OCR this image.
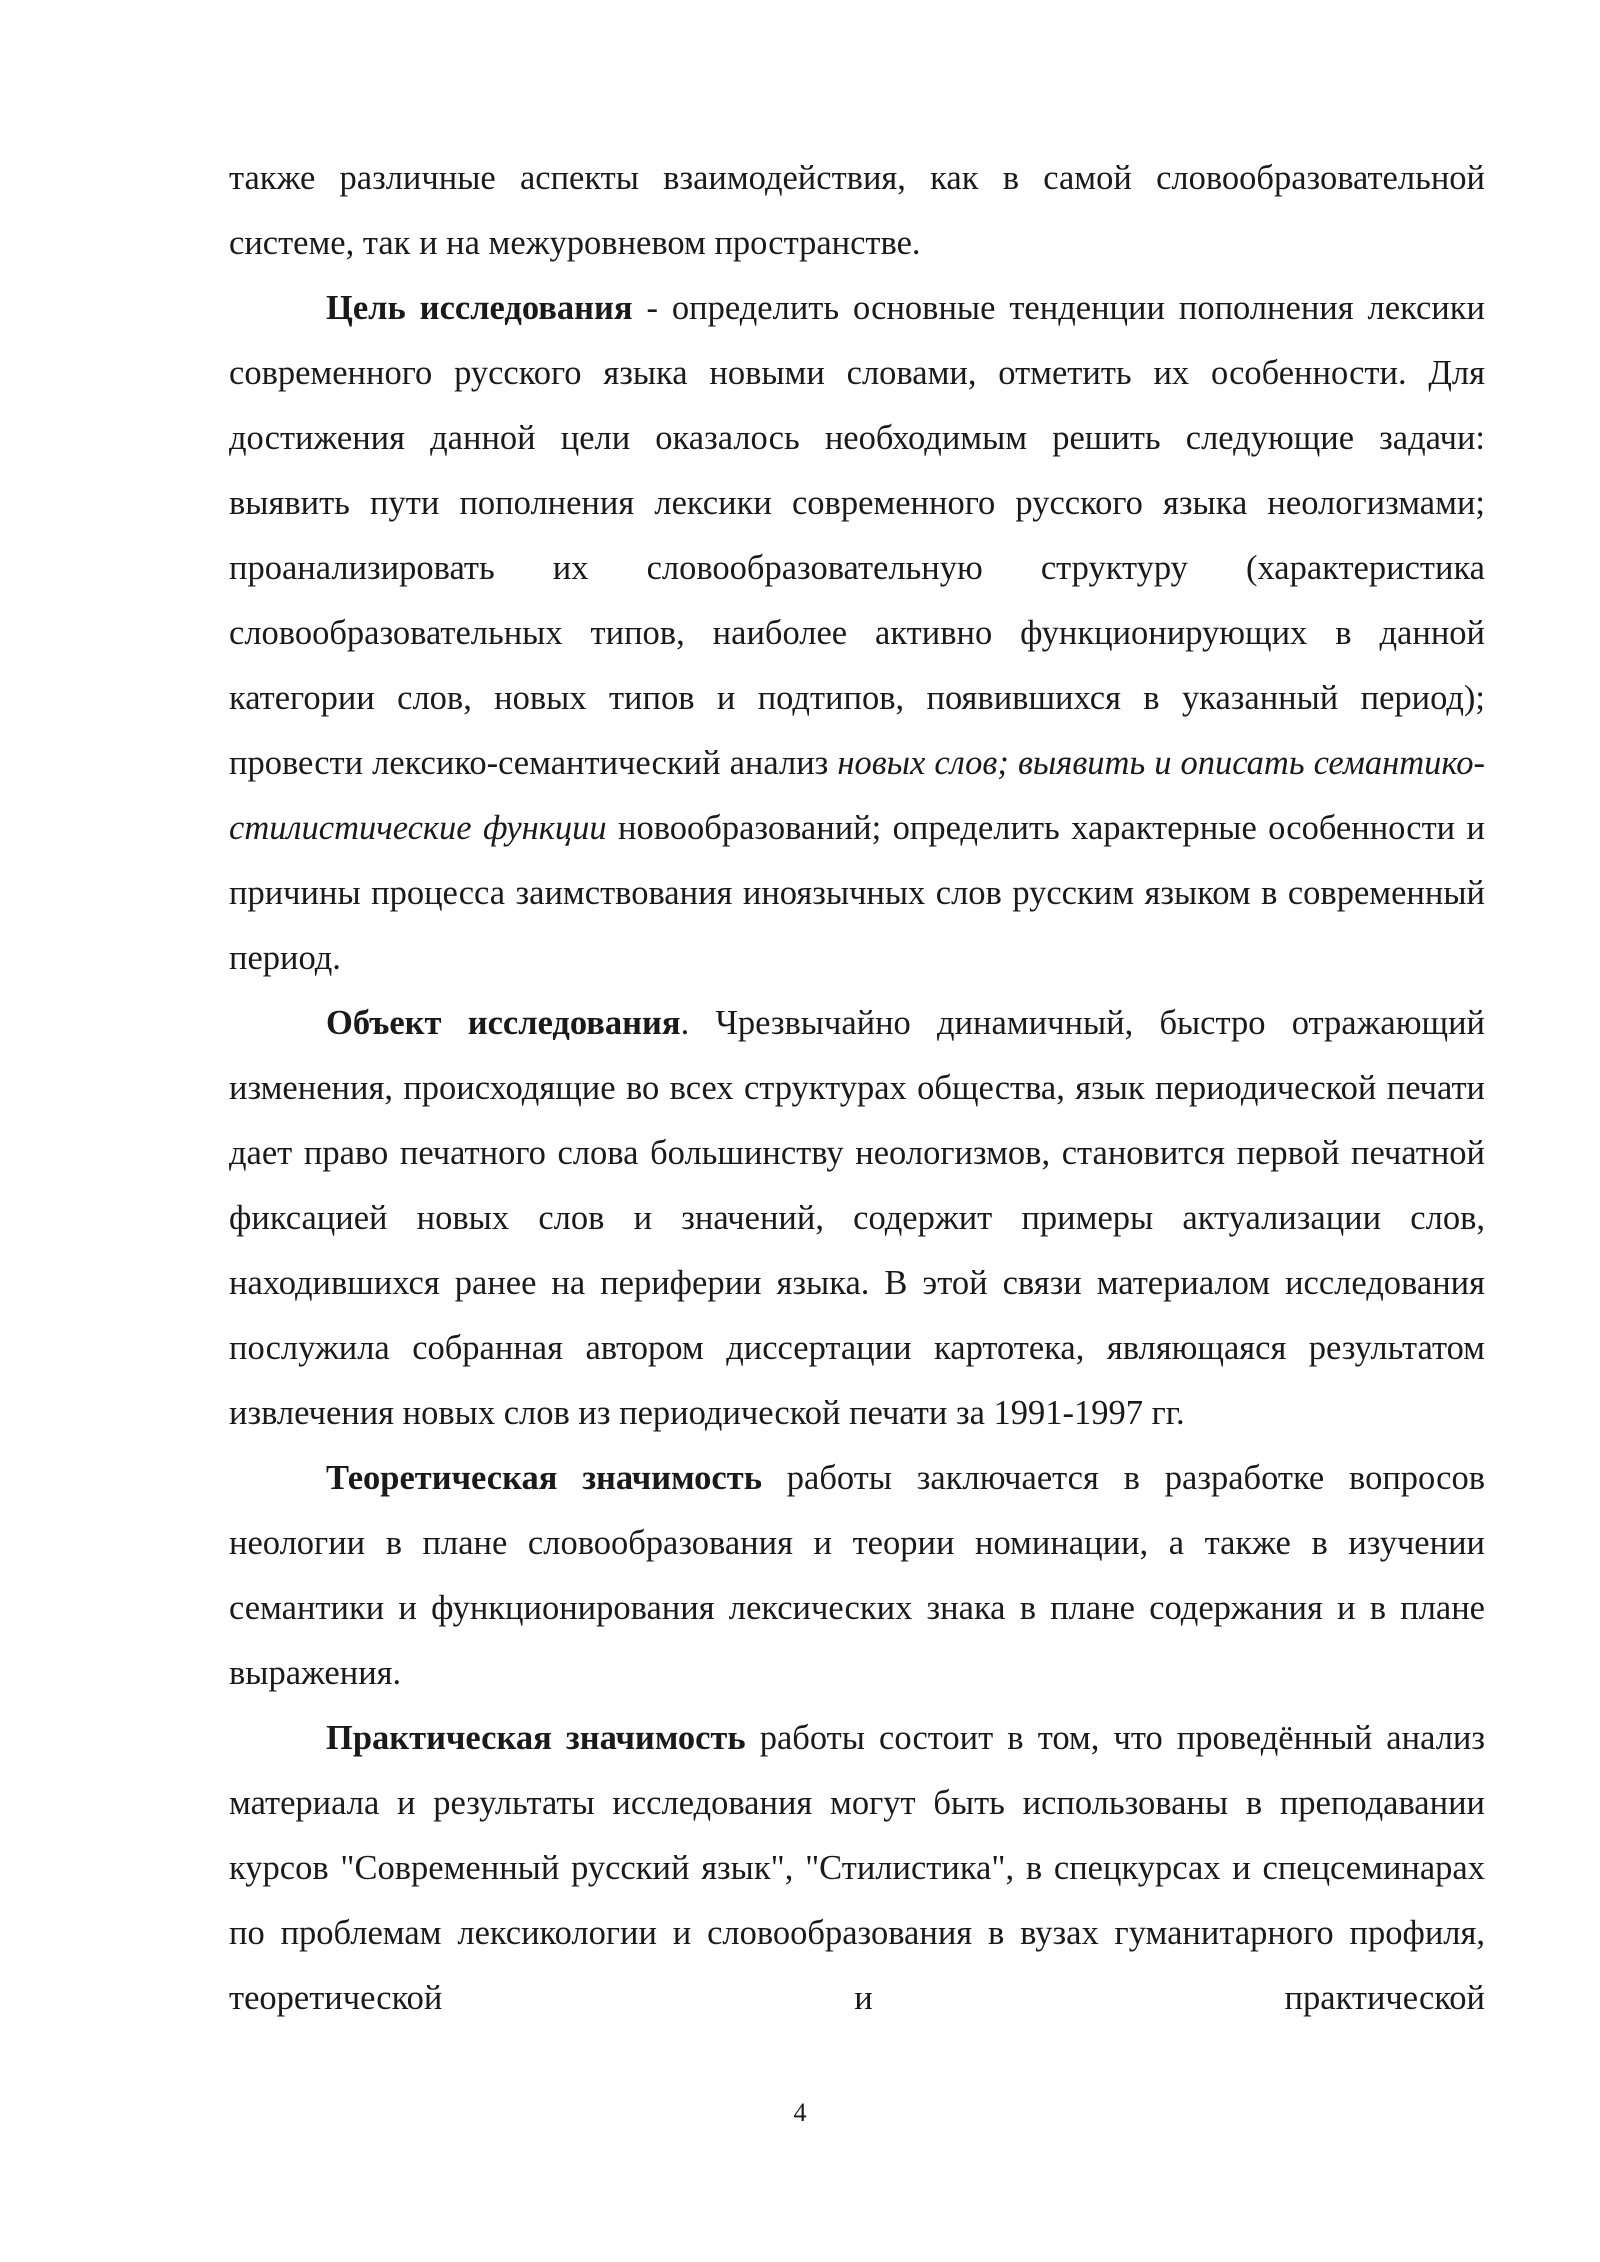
также различные аспекты взаимодействия, как в самой словообразовательной системе, так и на межуровневом пространстве.

Цель исследования - определить основные тенденции пополнения лексики современного русского языка новыми словами, отметить их особенности. Для достижения данной цели оказалось необходимым решить следующие задачи: выявить пути пополнения лексики современного русского языка неологизмами; проанализировать их словообразовательную структуру (характеристика словообразовательных типов, наиболее активно функционирующих в данной категории слов, новых типов и подтипов, появившихся в указанный период); провести лексико-семантический анализ новых слов; выявить и описать семантико-стилистические функции новообразований; определить характерные особенности и причины процесса заимствования иноязычных слов русским языком в современный период.

Объект исследования. Чрезвычайно динамичный, быстро отражающий изменения, происходящие во всех структурах общества, язык периодической печати дает право печатного слова большинству неологизмов, становится первой печатной фиксацией новых слов и значений, содержит примеры актуализации слов, находившихся ранее на периферии языка. В этой связи материалом исследования послужила собранная автором диссертации картотека, являющаяся результатом извлечения новых слов из периодической печати за 1991-1997 гг.

Теоретическая значимость работы заключается в разработке вопросов неологии в плане словообразования и теории номинации, а также в изучении семантики и функционирования лексических знака в плане содержания и в плане выражения.

Практическая значимость работы состоит в том, что проведённый анализ материала и результаты исследования могут быть использованы в преподавании курсов "Современный русский язык", "Стилистика", в спецкурсах и спецсеминарах по проблемам лексикологии и словообразования в вузах гуманитарного профиля, теоретической и практической

4
